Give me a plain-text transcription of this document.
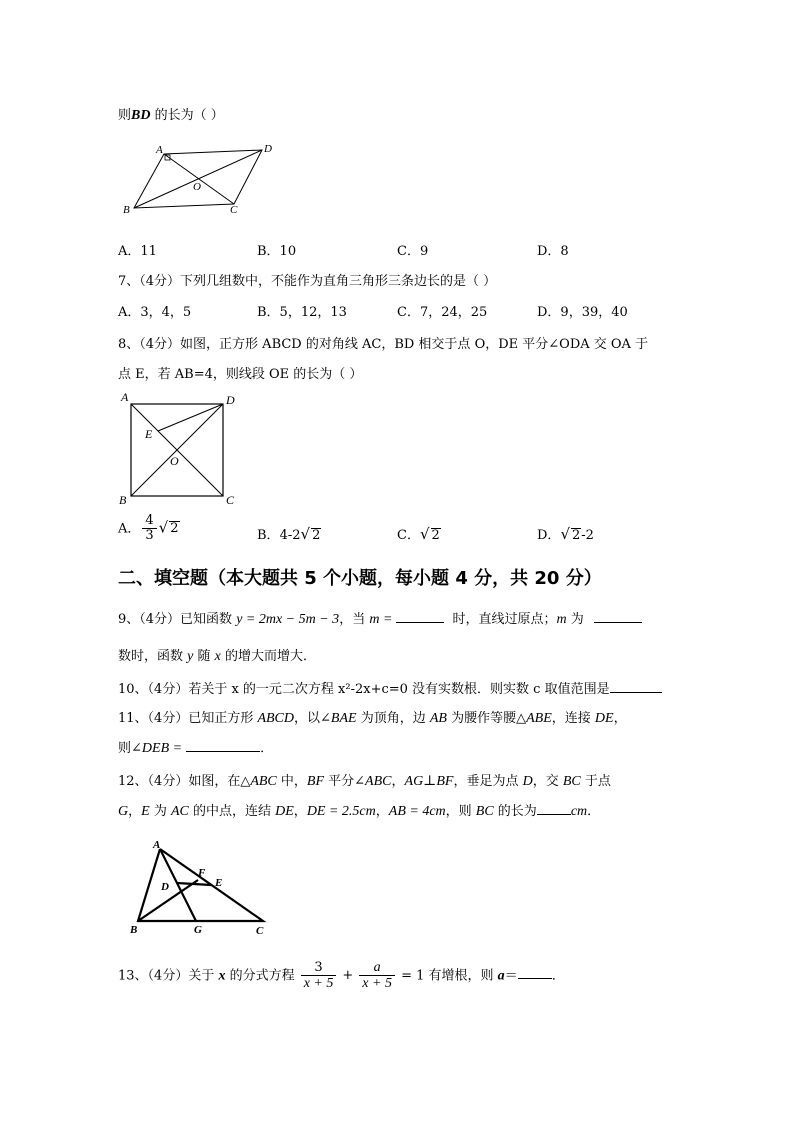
则BD 的长为（ ）
A	D
O
B	C
A．11	B．10	C．9	D．8
7、（4分）下列几组数中，不能作为直角三角形三条边长的是（ ）
A．3，4，5	B．5，12，13	C．7，24，25	D．9，39，40
8、（4分）如图，正方形 ABCD 的对角线 AC，BD 相交于点 O，DE 平分∠ODA 交 OA 于
点 E，若 AB=4，则线段 OE 的长为（ ）
A	D
E
O
B	C
A． $\frac{4}{3}$ √ 2	B．4-2√ 2	C．√ 2	D．√ 2-2
二、填空题（本大题共 5 个小题，每小题 4 分，共 20 分）
9、（4分）已知函数 y = 2mx − 5m − 3，当 m =	时，直线过原点；m 为
数时，函数 y 随 x 的增大而增大．
10、（4分）若关于 x 的一元二次方程 x²-2x+c=0 没有实数根．则实数 c 取值范围是
11、（4分）已知正方形 ABCD，以∠BAE 为顶角，边 AB 为腰作等腰△ABE，连接 DE，
则∠DEB =	．
12、（4分）如图，在△ABC 中，BF 平分∠ABC，AG⊥BF，垂足为点 D，交 BC 于点
G，E 为 AC 的中点，连结 DE，DE = 2.5cm，AB = 4cm，则 BC 的长为 cm．
A
F
E
D
B	G	C
13、（4分）关于 x 的分式方程 $\frac{3}{x + 5} + \frac{a}{x + 5} = 1$ 有增根，则 a＝	．
